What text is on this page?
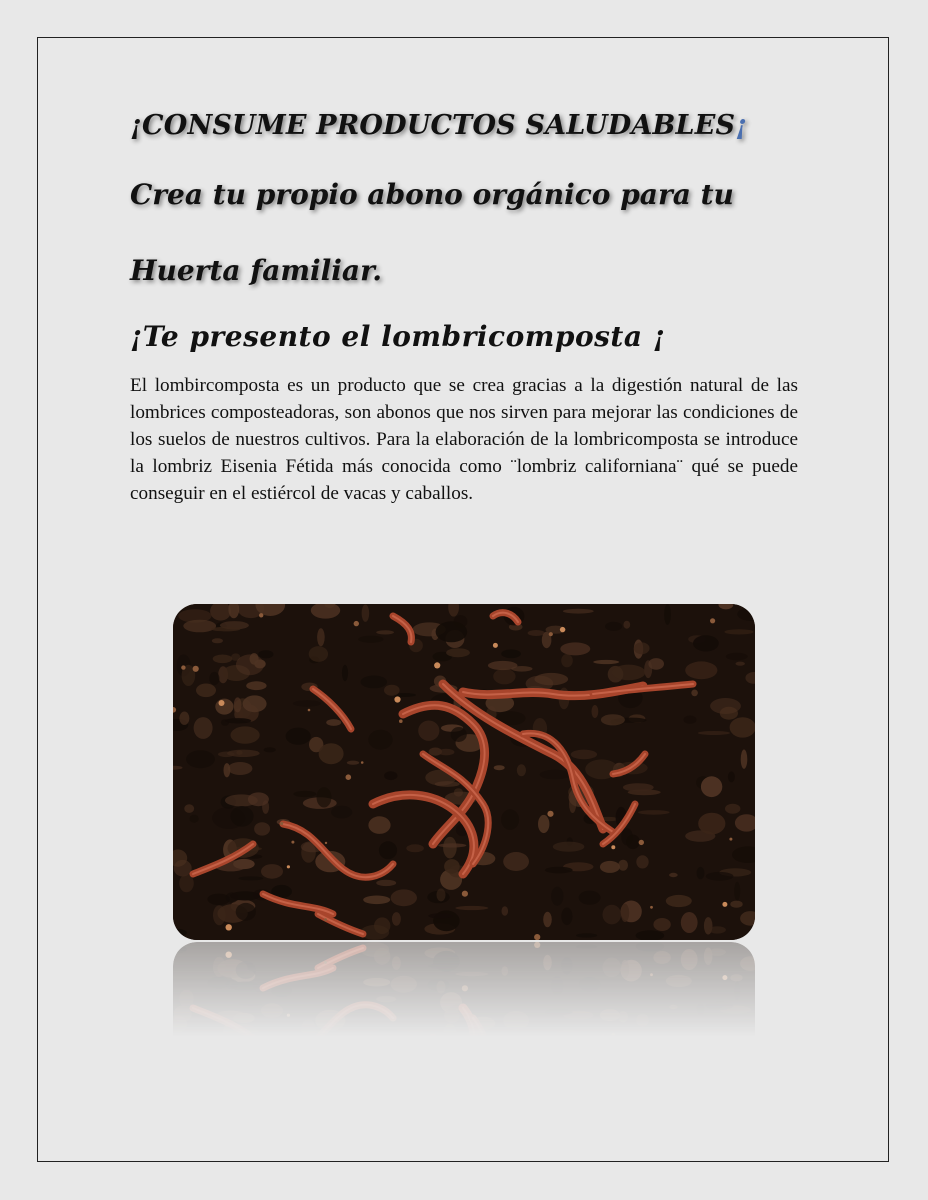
¡CONSUME PRODUCTOS SALUDABLES¡
Crea tu propio abono orgánico para tu
Huerta familiar.
¡Te presento el lombricomposta ¡
El lombircomposta es un producto que se crea gracias a la digestión natural de las lombrices composteadoras, son abonos que nos sirven para mejorar las condiciones de los suelos de nuestros cultivos. Para la elaboración de la lombricomposta se introduce la lombriz Eisenia Fétida más conocida como ¨lombriz californiana¨ qué se puede conseguir en el estiércol de vacas y caballos.
